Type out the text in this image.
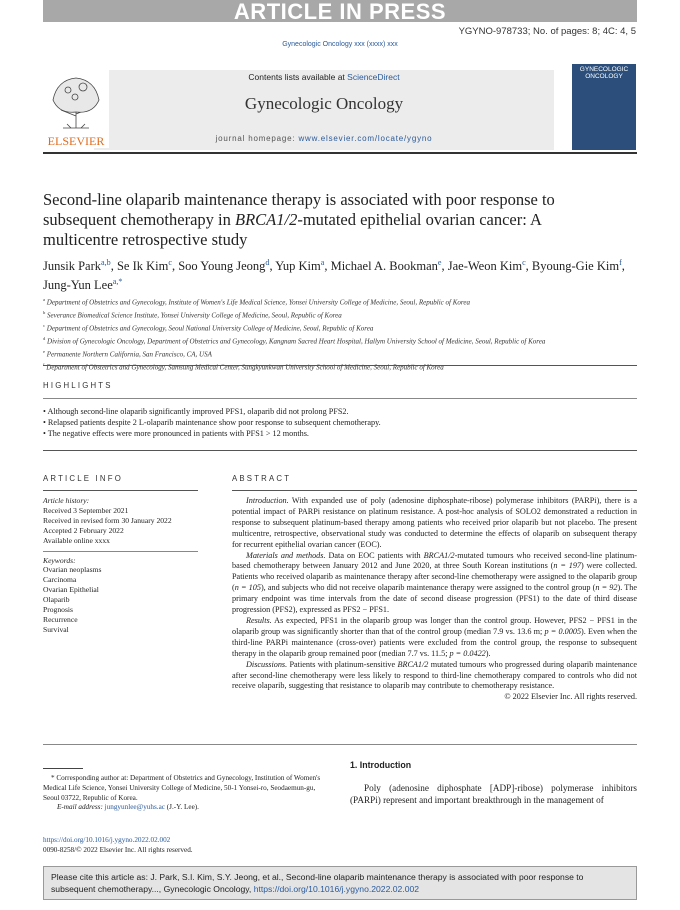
ARTICLE IN PRESS
YGYNO-978733; No. of pages: 8; 4C: 4, 5
Gynecologic Oncology xxx (xxxx) xxx
ELSEVIER
GYNECOLOGIC ONCOLOGY
Contents lists available at ScienceDirect
Gynecologic Oncology
journal homepage: www.elsevier.com/locate/ygyno
Second-line olaparib maintenance therapy is associated with poor response to subsequent chemotherapy in BRCA1/2-mutated epithelial ovarian cancer: A multicentre retrospective study
Junsik Park$^{a,b}$, Se Ik Kim$^c$, Soo Young Jeong$^d$, Yup Kim$^a$, Michael A. Bookman$^e$, Jae-Weon Kim$^c$, Byoung-Gie Kim$^f$, Jung-Yun Lee$^{a,*}$
$^a$ Department of Obstetrics and Gynecology, Institute of Women's Life Medical Science, Yonsei University College of Medicine, Seoul, Republic of Korea
$^b$ Severance Biomedical Science Institute, Yonsei University College of Medicine, Seoul, Republic of Korea
$^c$ Department of Obstetrics and Gynecology, Seoul National University College of Medicine, Seoul, Republic of Korea
$^d$ Division of Gynecologic Oncology, Department of Obstetrics and Gynecology, Kangnam Sacred Heart Hospital, Hallym University School of Medicine, Seoul, Republic of Korea
$^e$ Permanente Northern California, San Francisco, CA, USA
$^f$ Department of Obstetrics and Gynecology, Samsung Medical Center, Sungkyunkwan University School of Medicine, Seoul, Republic of Korea
HIGHLIGHTS
• Although second-line olaparib significantly improved PFS1, olaparib did not prolong PFS2.
• Relapsed patients despite 2 L-olaparib maintenance show poor response to subsequent chemotherapy.
• The negative effects were more pronounced in patients with PFS1 > 12 months.
ARTICLE INFO
Article history:
Received 3 September 2021
Received in revised form 30 January 2022
Accepted 2 February 2022
Available online xxxx
Keywords:
Ovarian neoplasms
Carcinoma
Ovarian Epithelial
Olaparib
Prognosis
Recurrence
Survival
ABSTRACT

Introduction. With expanded use of poly (adenosine diphosphate-ribose) polymerase inhibitors (PARPi), there is a potential impact of PARPi resistance on platinum resistance. A post-hoc analysis of SOLO2 demonstrated a reduction in response to subsequent platinum-based therapy among patients who received prior olaparib but not placebo. The present multicentre, retrospective, observational study was conducted to determine the effects of olaparib on subsequent therapy for recurrent epithelial ovarian cancer (EOC).

Materials and methods. Data on EOC patients with BRCA1/2-mutated tumours who received second-line platinum-based chemotherapy between January 2012 and June 2020, at three South Korean institutions (n = 197) were collected. Patients who received olaparib as maintenance therapy after second-line chemotherapy were assigned to the olaparib group (n = 105), and subjects who did not receive olaparib maintenance therapy were assigned to the control group (n = 92). The primary endpoint was time intervals from the date of second disease progression (PFS1) to the date of third disease progression (PFS2), expressed as PFS2 − PFS1.

Results. As expected, PFS1 in the olaparib group was longer than the control group. However, PFS2 − PFS1 in the olaparib group was significantly shorter than that of the control group (median 7.9 vs. 13.6 m; p = 0.0005). Even when the third-line PARPi maintenance (cross-over) patients were excluded from the control group, the response to subsequent therapy in the olaparib group remained poor (median 7.7 vs. 11.5; p = 0.0422).

Discussions. Patients with platinum-sensitive BRCA1/2 mutated tumours who progressed during olaparib maintenance after second-line chemotherapy were less likely to respond to third-line chemotherapy compared to controls who did not receive olaparib, suggesting that resistance to olaparib may contribute to chemotherapy resistance.

© 2022 Elsevier Inc. All rights reserved.
1. Introduction
Poly (adenosine diphosphate [ADP]-ribose) polymerase inhibitors (PARPi) represent and important breakthrough in the management of
* Corresponding author at: Department of Obstetrics and Gynecology, Institution of Women's Medical Life Science, Yonsei University College of Medicine, 50-1 Yonsei-ro, Seodaemun-gu, Seoul 03722, Republic of Korea.
E-mail address: jungyunlee@yuhs.ac (J.-Y. Lee).
https://doi.org/10.1016/j.ygyno.2022.02.002
0090-8258/© 2022 Elsevier Inc. All rights reserved.
Please cite this article as: J. Park, S.I. Kim, S.Y. Jeong, et al., Second-line olaparib maintenance therapy is associated with poor response to subsequent chemotherapy..., Gynecologic Oncology, https://doi.org/10.1016/j.ygyno.2022.02.002
